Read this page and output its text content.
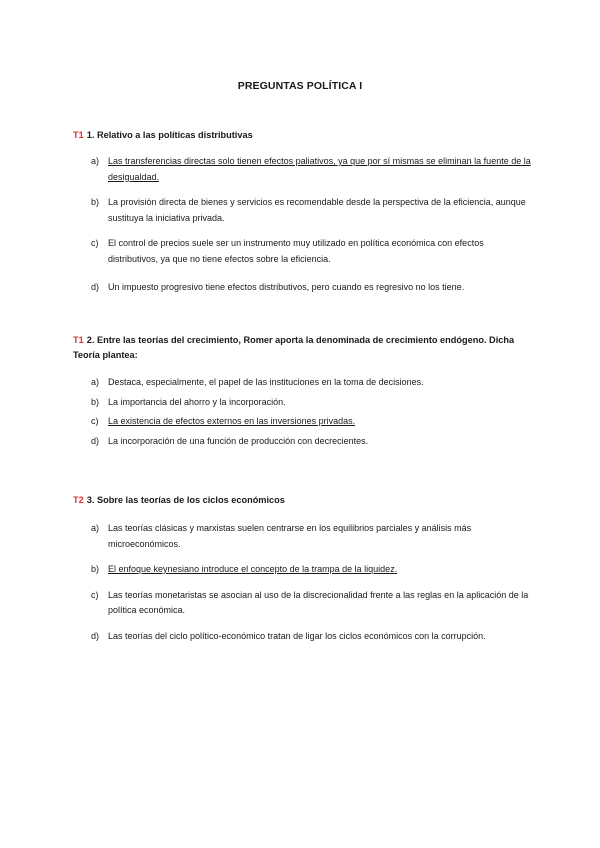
PREGUNTAS POLÍTICA I
T1 1. Relativo a las políticas distributivas
a) Las transferencias directas solo tienen efectos paliativos, ya que por sí mismas se eliminan la fuente de la desigualdad.
b) La provisión directa de bienes y servicios es recomendable desde la perspectiva de la eficiencia, aunque sustituya la iniciativa privada.
c) El control de precios suele ser un instrumento muy utilizado en política económica con efectos distributivos, ya que no tiene efectos sobre la eficiencia.
d) Un impuesto progresivo tiene efectos distributivos, pero cuando es regresivo no los tiene.
T1 2. Entre las teorías del crecimiento, Romer aporta la denominada de crecimiento endógeno. Dicha Teoría plantea:
a) Destaca, especialmente, el papel de las instituciones en la toma de decisiones.
b) La importancia del ahorro y la incorporación.
c) La existencia de efectos externos en las inversiones privadas.
d) La incorporación de una función de producción con decrecientes.
T2 3. Sobre las teorías de los ciclos económicos
a) Las teorías clásicas y marxistas suelen centrarse en los equilibrios parciales y análisis más microeconómicos.
b) El enfoque keynesiano introduce el concepto de la trampa de la liquidez.
c) Las teorías monetaristas se asocian al uso de la discrecionalidad frente a las reglas en la aplicación de la política económica.
d) Las teorías del ciclo político-económico tratan de ligar los ciclos económicos con la corrupción.
